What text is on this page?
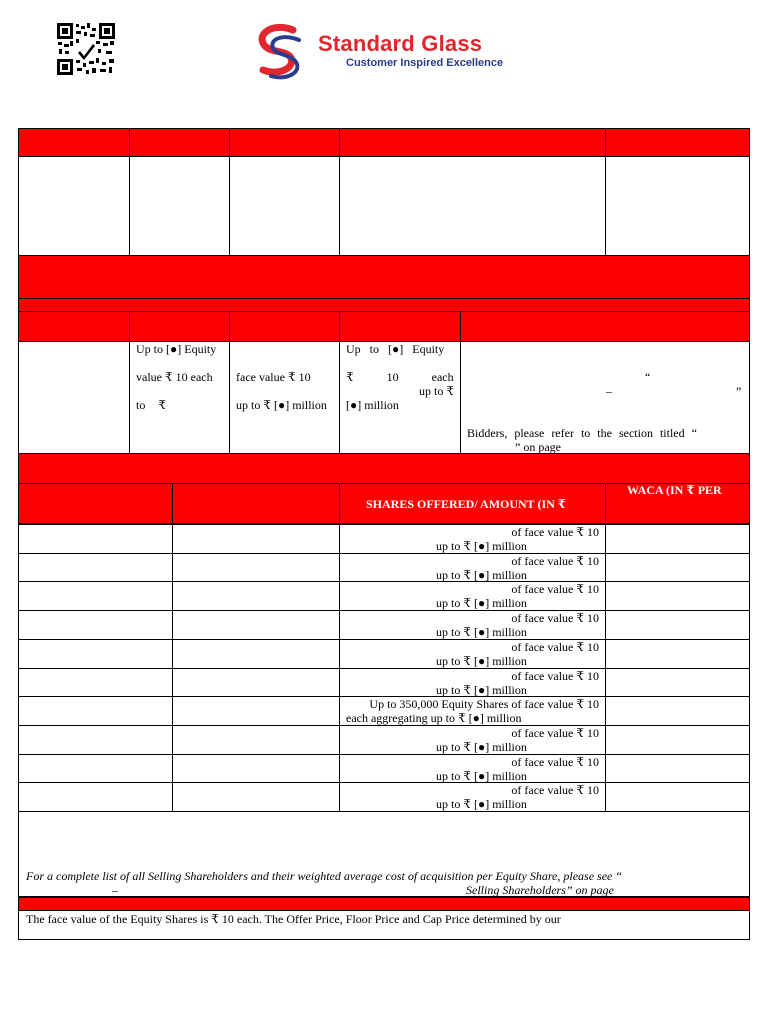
Standard Glass
Customer Inspired Excellence
Up to [●] Equity
value ₹ 10 each
to ₹
face value ₹ 10
up to ₹ [●] million
Up to [●] Equity
₹ 10 each
up to ₹
[●] million
“
–	”
Bidders, please refer to the section titled “
” on page
SHARES OFFERED/ AMOUNT (IN ₹
WACA (IN ₹ PER
of face value ₹ 10
up to ₹ [●] million
of face value ₹ 10
up to ₹ [●] million
of face value ₹ 10
up to ₹ [●] million
of face value ₹ 10
up to ₹ [●] million
of face value ₹ 10
up to ₹ [●] million
of face value ₹ 10
up to ₹ [●] million
Up to 350,000 Equity Shares of face value ₹ 10
each aggregating up to ₹ [●] million
of face value ₹ 10
up to ₹ [●] million
of face value ₹ 10
up to ₹ [●] million
of face value ₹ 10
up to ₹ [●] million
For a complete list of all Selling Shareholders and their weighted average cost of acquisition per Equity Share, please see “
–	Selling Shareholders” on page
The face value of the Equity Shares is ₹ 10 each. The Offer Price, Floor Price and Cap Price determined by our
